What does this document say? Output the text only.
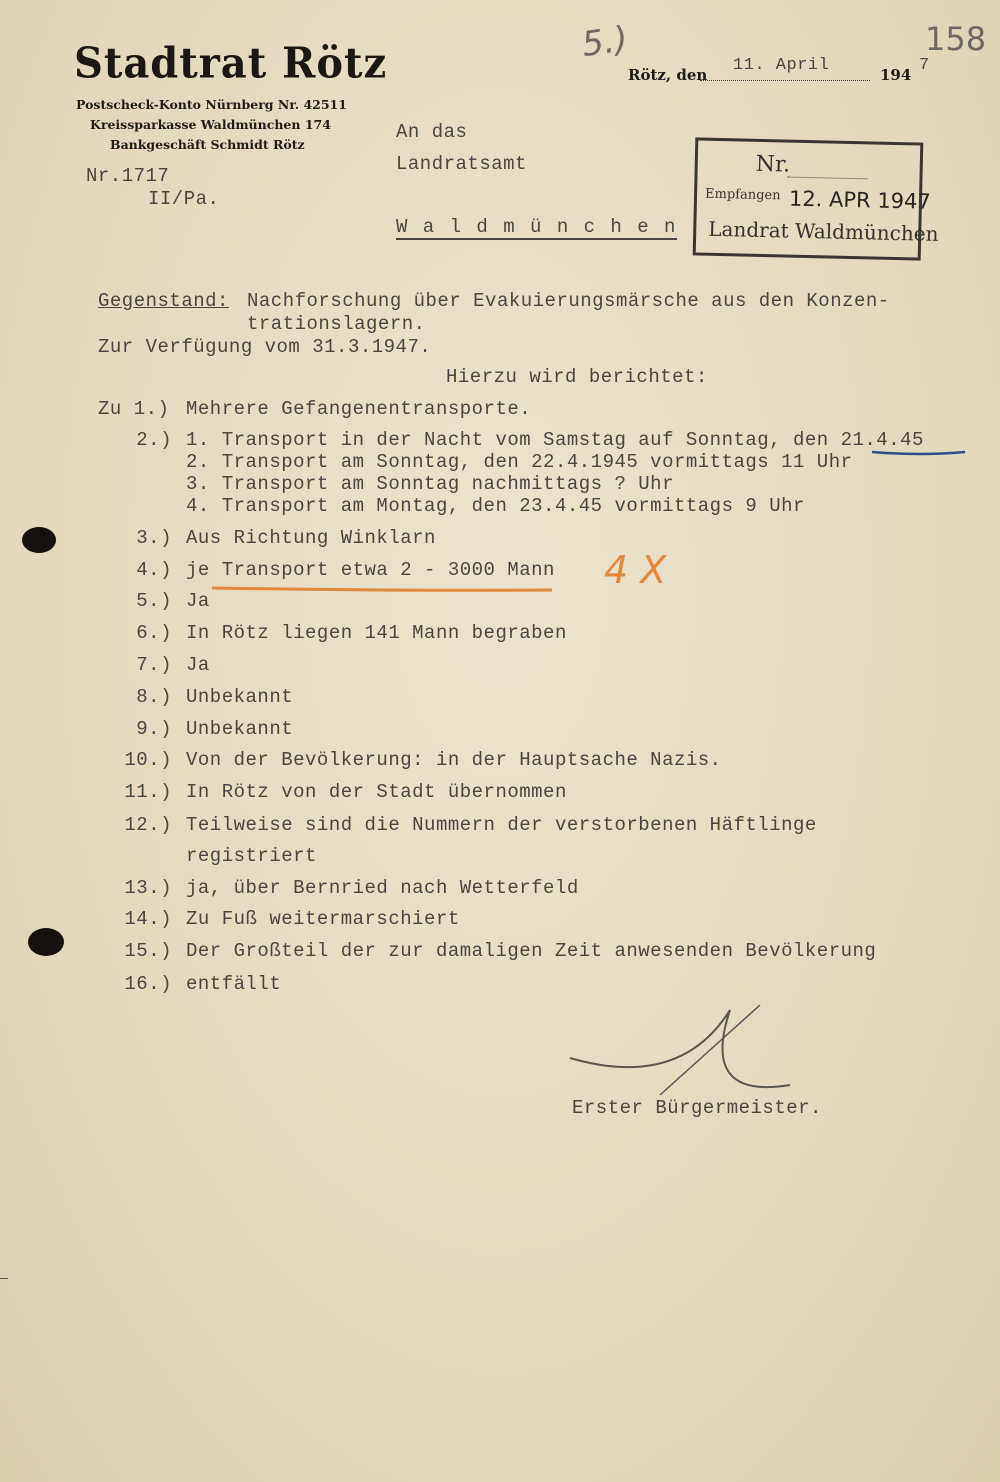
Stadtrat Rötz
Postscheck-Konto Nürnberg Nr. 42511
Kreissparkasse Waldmünchen 174
Bankgeschäft Schmidt Rötz
Nr.1717
II/Pa.
158
5.)
Rötz, den 11. April	194 7
An das
Landratsamt
W a l d m ü n c h e n
Nr.
Empfangen 12. APR 1947
Landrat Waldmünchen
Gegenstand: Nachforschung über Evakuierungsmärsche aus den Konzen-
trationslagern.
Zur Verfügung vom 31.3.1947.
Hierzu wird berichtet:
Zu 1.) Mehrere Gefangenentransporte.
2.) 1. Transport in der Nacht vom Samstag auf Sonntag, den 21.4.45
2. Transport am Sonntag, den 22.4.1945 vormittags 11 Uhr
3. Transport am Sonntag nachmittags ? Uhr
4. Transport am Montag, den 23.4.45 vormittags 9 Uhr
3.) Aus Richtung Winklarn
4.) je Transport etwa 2 - 3000 Mann
5.) Ja
6.) In Rötz liegen 141 Mann begraben
7.) Ja
8.) Unbekannt
9.) Unbekannt
10.) Von der Bevölkerung: in der Hauptsache Nazis.
11.) In Rötz von der Stadt übernommen
12.) Teilweise sind die Nummern der verstorbenen Häftlinge
registriert
13.) ja, über Bernried nach Wetterfeld
14.) Zu Fuß weitermarschiert
15.) Der Großteil der zur damaligen Zeit anwesenden Bevölkerung
16.) entfällt
4 X
Erster Bürgermeister.
